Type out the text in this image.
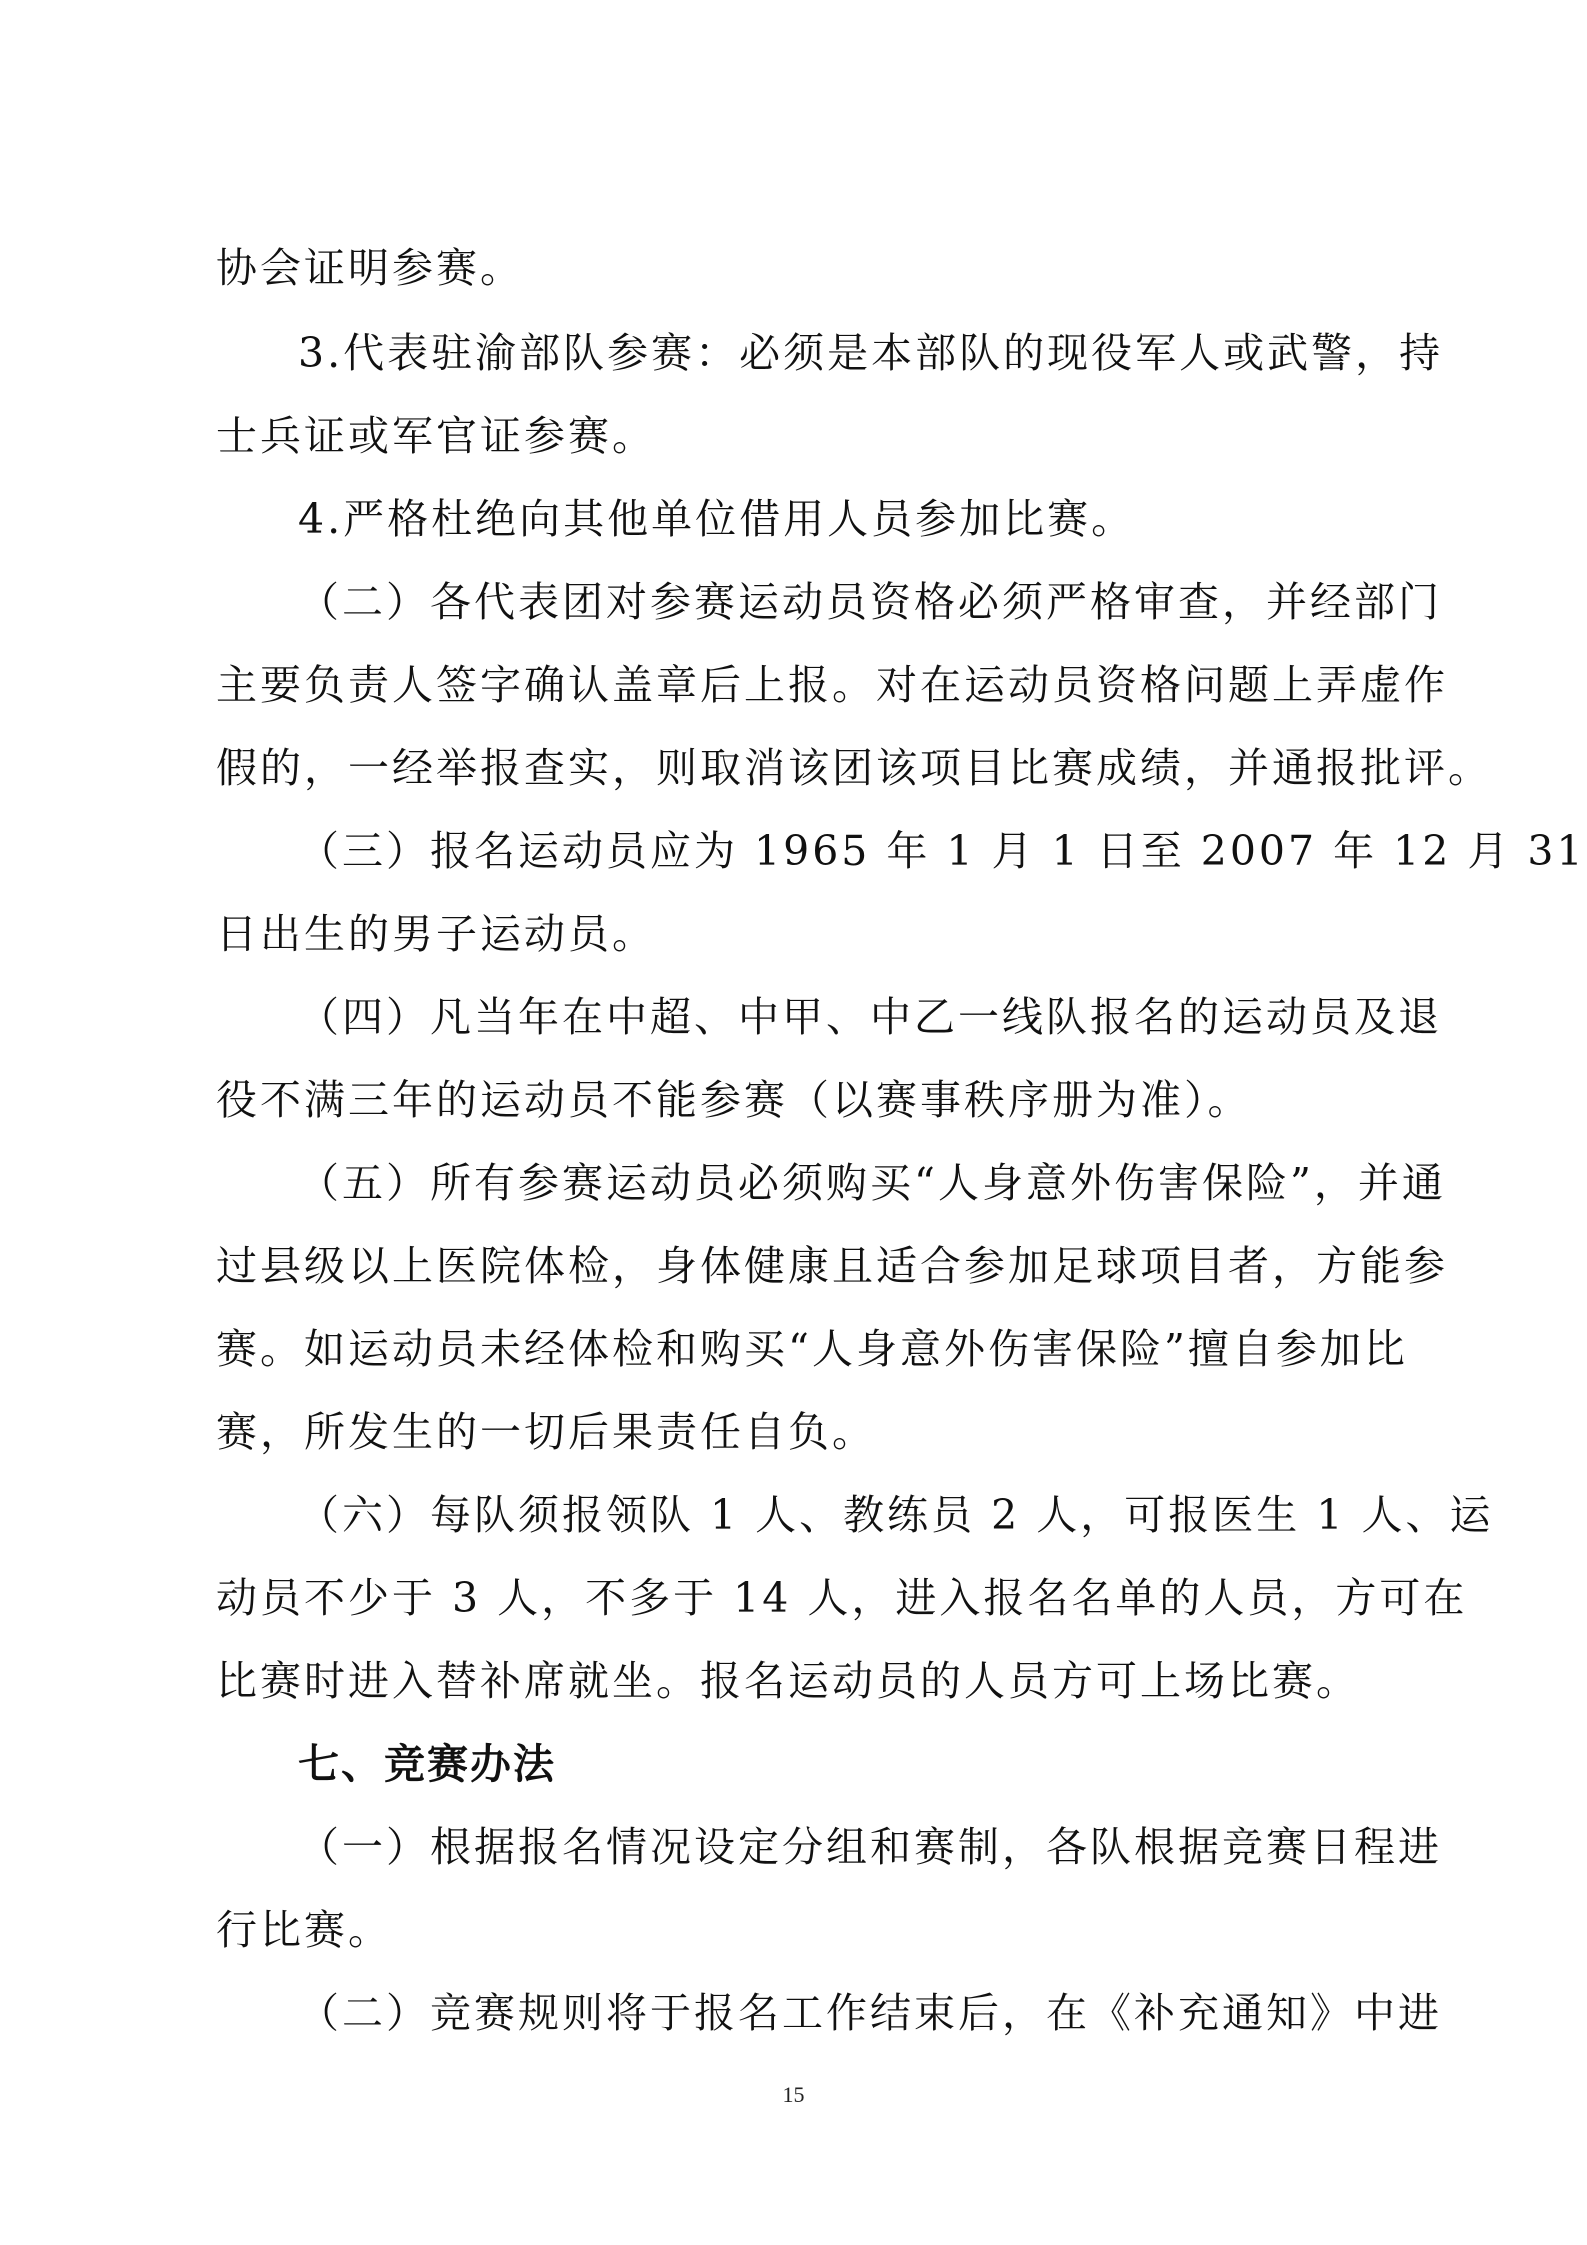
协会证明参赛。
3.代表驻渝部队参赛：必须是本部队的现役军人或武警，持
士兵证或军官证参赛。
4.严格杜绝向其他单位借用人员参加比赛。
（二）各代表团对参赛运动员资格必须严格审查，并经部门
主要负责人签字确认盖章后上报。对在运动员资格问题上弄虚作
假的，一经举报查实，则取消该团该项目比赛成绩，并通报批评。
（三）报名运动员应为 1965 年 1 月 1 日至 2007 年 12 月 31
日出生的男子运动员。
（四）凡当年在中超、中甲、中乙一线队报名的运动员及退
役不满三年的运动员不能参赛（以赛事秩序册为准）。
（五）所有参赛运动员必须购买“人身意外伤害保险”，并通
过县级以上医院体检，身体健康且适合参加足球项目者，方能参
赛。如运动员未经体检和购买“人身意外伤害保险”擅自参加比
赛，所发生的一切后果责任自负。
（六）每队须报领队 1 人、教练员 2 人，可报医生 1 人、运
动员不少于 3 人，不多于 14 人，进入报名名单的人员，方可在
比赛时进入替补席就坐。报名运动员的人员方可上场比赛。
七、竞赛办法
（一）根据报名情况设定分组和赛制，各队根据竞赛日程进
行比赛。
（二）竞赛规则将于报名工作结束后，在《补充通知》中进
15
